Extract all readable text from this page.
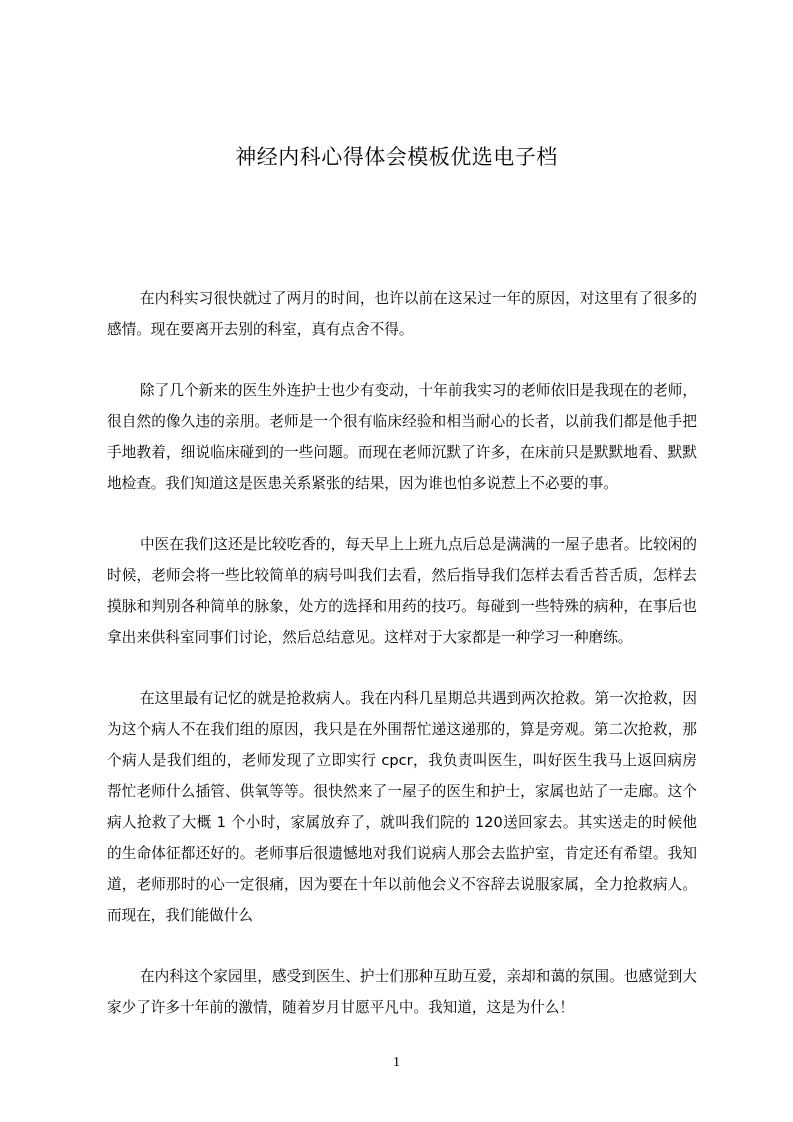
神经内科心得体会模板优选电子档

在内科实习很快就过了两月的时间，也许以前在这呆过一年的原因，对这里有了很多的感情。现在要离开去别的科室，真有点舍不得。

除了几个新来的医生外连护士也少有变动，十年前我实习的老师依旧是我现在的老师，很自然的像久违的亲朋。老师是一个很有临床经验和相当耐心的长者，以前我们都是他手把手地教着，细说临床碰到的一些问题。而现在老师沉默了许多，在床前只是默默地看、默默地检查。我们知道这是医患关系紧张的结果，因为谁也怕多说惹上不必要的事。

中医在我们这还是比较吃香的，每天早上上班九点后总是满满的一屋子患者。比较闲的时候，老师会将一些比较简单的病号叫我们去看，然后指导我们怎样去看舌苔舌质，怎样去摸脉和判别各种简单的脉象，处方的选择和用药的技巧。每碰到一些特殊的病种，在事后也拿出来供科室同事们讨论，然后总结意见。这样对于大家都是一种学习一种磨练。

在这里最有记忆的就是抢救病人。我在内科几星期总共遇到两次抢救。第一次抢救，因为这个病人不在我们组的原因，我只是在外围帮忙递这递那的，算是旁观。第二次抢救，那个病人是我们组的，老师发现了立即实行 cpcr，我负责叫医生，叫好医生我马上返回病房帮忙老师什么插管、供氧等等。很快然来了一屋子的医生和护士，家属也站了一走廊。这个病人抢救了大概 1 个小时，家属放弃了，就叫我们院的 120送回家去。其实送走的时候他的生命体征都还好的。老师事后很遗憾地对我们说病人那会去监护室，肯定还有希望。我知道，老师那时的心一定很痛，因为要在十年以前他会义不容辞去说服家属，全力抢救病人。而现在，我们能做什么

在内科这个家园里，感受到医生、护士们那种互助互爱，亲却和蔼的氛围。也感觉到大家少了许多十年前的激情，随着岁月甘愿平凡中。我知道，这是为什么！

1
